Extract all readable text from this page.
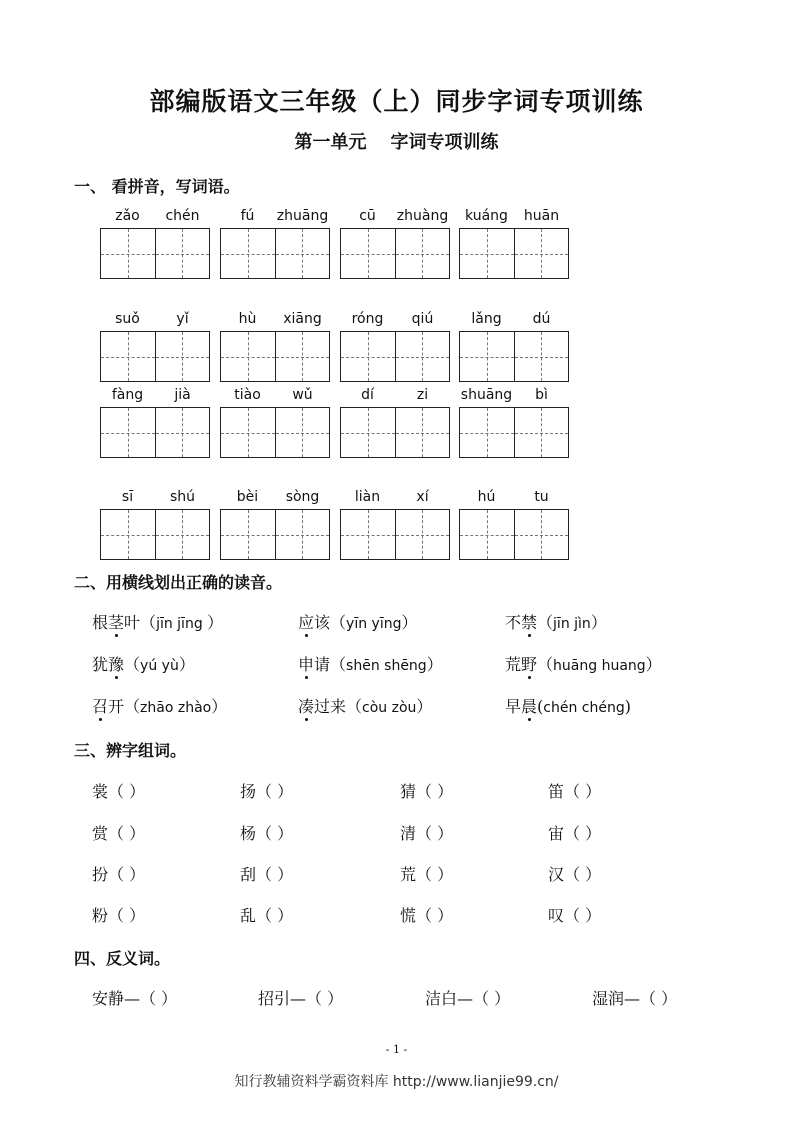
部编版语文三年级（上）同步字词专项训练
第一单元 字词专项训练
一、 看拼音，写词语。
zǎo	chén	fú	zhuāng	cū	zhuàng	kuáng	huān
suǒ	yǐ	hù	xiāng	róng	qiú	lǎng	dú
fàng	jià	tiào	wǔ	dí	zi	shuāng	bì
sī	shú	bèi	sòng	liàn	xí	hú	tu
二、用横线划出正确的读音。
根茎叶（jīn jīng ）	应该（yīn yīng）	不禁（jīn jìn）
犹豫（yú yù）	申请（shēn shēng）	荒野（huāng huang）
召开（zhāo zhào）	凑过来（còu zòu）	早晨(chén chéng)
三、辨字组词。
裳（ ）	扬（ ）	猜（ ）	笛（ ）
赏（ ）	杨（ ）	清（ ）	宙（ ）
扮（ ）	刮（ ）	荒（ ）	汉（ ）
粉（ ）	乱（ ）	慌（ ）	叹（ ）
四、反义词。
安静—（ ）	招引—（ ）	洁白—（ ）	湿润—（ ）
- 1 -
知行教辅资料学霸资料库 http://www.lianjie99.cn/
